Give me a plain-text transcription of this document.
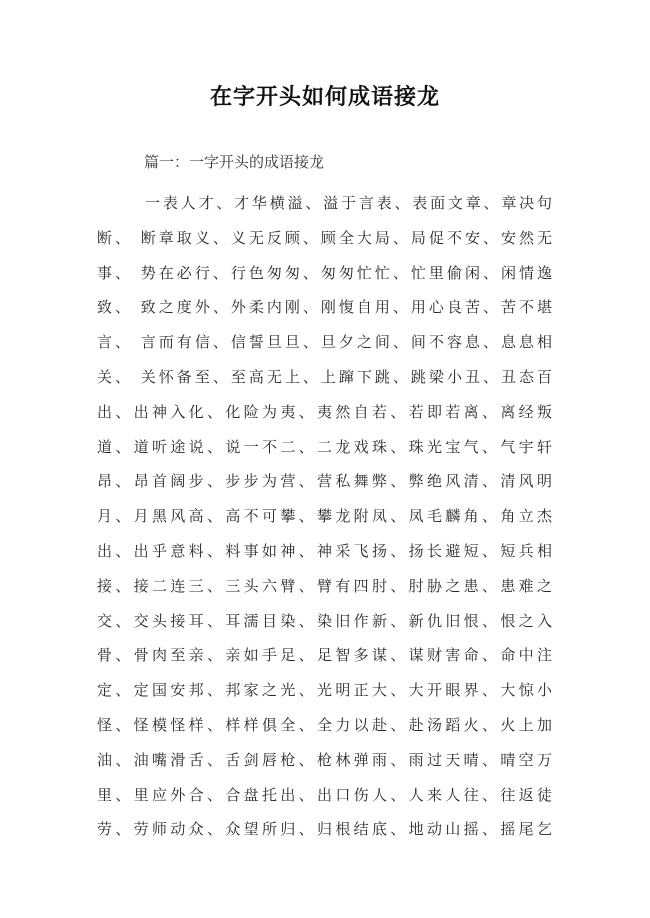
在字开头如何成语接龙
篇一：一字开头的成语接龙
一表人才、才华横溢、溢于言表、表面文章、章决句
断、 断章取义、义无反顾、顾全大局、局促不安、安然无
事、 势在必行、行色匆匆、匆匆忙忙、忙里偷闲、闲情逸
致、 致之度外、外柔内刚、刚愎自用、用心良苦、苦不堪
言、 言而有信、信誓旦旦、旦夕之间、间不容息、息息相
关、 关怀备至、至高无上、上蹿下跳、跳梁小丑、丑态百
出、出神入化、化险为夷、夷然自若、若即若离、离经叛
道、道听途说、说一不二、二龙戏珠、珠光宝气、气宇轩
昂、昂首阔步、步步为营、营私舞弊、弊绝风清、清风明
月、月黑风高、高不可攀、攀龙附凤、凤毛麟角、角立杰
出、出乎意料、料事如神、神采飞扬、扬长避短、短兵相
接、接二连三、三头六臂、臂有四肘、肘胁之患、患难之
交、交头接耳、耳濡目染、染旧作新、新仇旧恨、恨之入
骨、骨肉至亲、亲如手足、足智多谋、谋财害命、命中注
定、定国安邦、邦家之光、光明正大、大开眼界、大惊小
怪、怪模怪样、样样俱全、全力以赴、赴汤蹈火、火上加
油、油嘴滑舌、舌剑唇枪、枪林弹雨、雨过天晴、晴空万
里、里应外合、合盘托出、出口伤人、人来人往、往返徒
劳、劳师动众、众望所归、归根结底、地动山摇、摇尾乞
